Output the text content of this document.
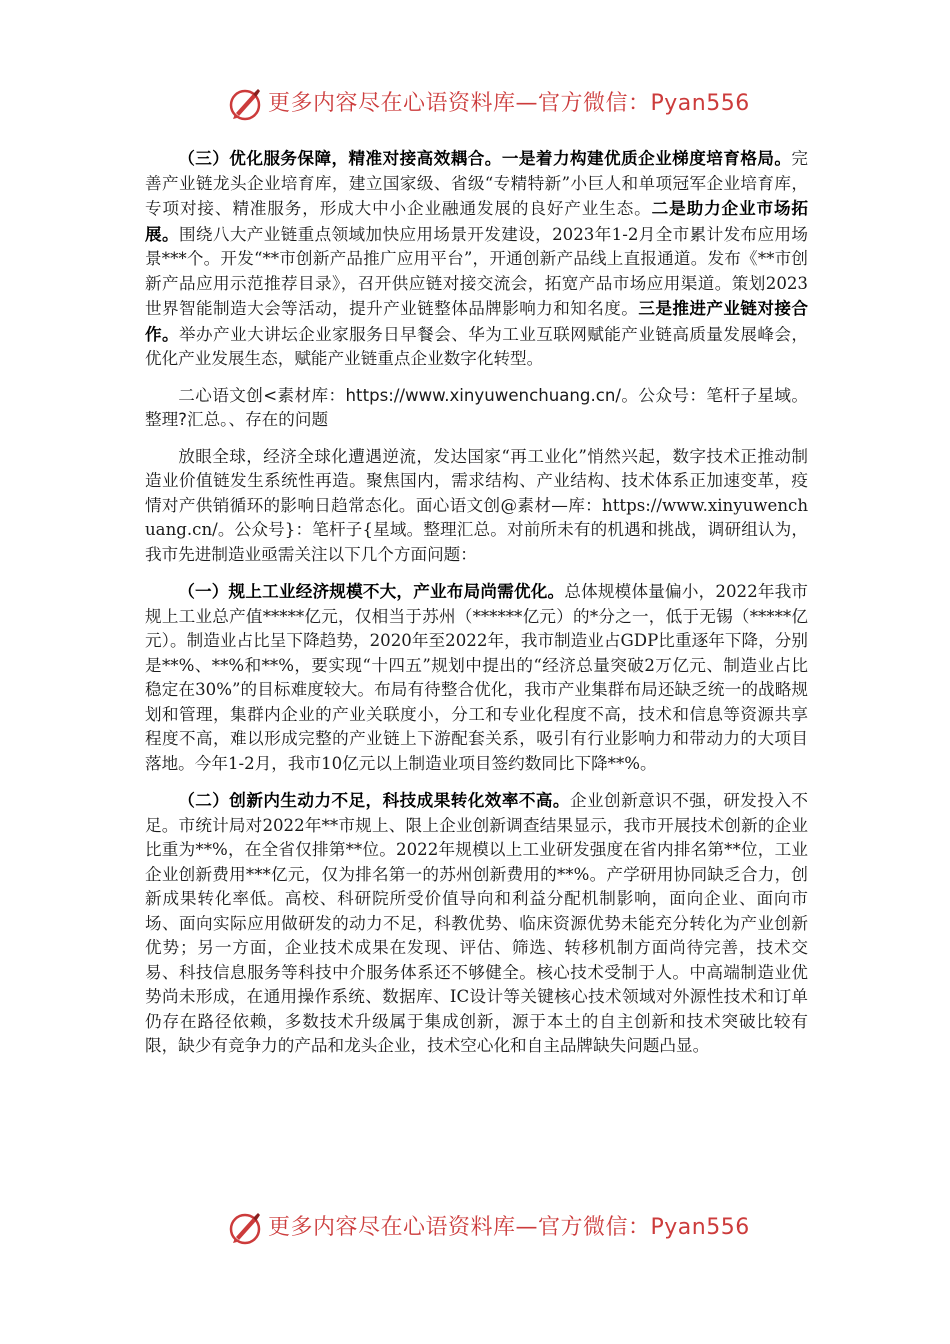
更多内容尽在心语资料库—官方微信：Pyan556

（三）优化服务保障，精准对接高效耦合。一是着力构建优质企业梯度培育格局。完善产业链龙头企业培育库，建立国家级、省级“专精特新”小巨人和单项冠军企业培育库，专项对接、精准服务，形成大中小企业融通发展的良好产业生态。二是助力企业市场拓展。围绕八大产业链重点领域加快应用场景开发建设，2023年1-2月全市累计发布应用场景***个。开发“**市创新产品推广应用平台”，开通创新产品线上直报通道。发布《**市创新产品应用示范推荐目录》，召开供应链对接交流会，拓宽产品市场应用渠道。策划2023世界智能制造大会等活动，提升产业链整体品牌影响力和知名度。三是推进产业链对接合作。举办产业大讲坛企业家服务日早餐会、华为工业互联网赋能产业链高质量发展峰会，优化产业发展生态，赋能产业链重点企业数字化转型。

二心语文创<素材库：https://www.xinyuwenchuang.cn/。公众号：笔杆子星域。整理?汇总。、存在的问题

放眼全球，经济全球化遭遇逆流，发达国家“再工业化”悄然兴起，数字技术正推动制造业价值链发生系统性再造。聚焦国内，需求结构、产业结构、技术体系正加速变革，疫情对产供销循环的影响日趋常态化。面心语文创@素材—库：https://www.xinyuwenchuang.cn/。公众号}：笔杆子{星域。整理汇总。对前所未有的机遇和挑战，调研组认为，我市先进制造业亟需关注以下几个方面问题：

（一）规上工业经济规模不大，产业布局尚需优化。总体规模体量偏小，2022年我市规上工业总产值*****亿元，仅相当于苏州（******亿元）的*分之一，低于无锡（*****亿元）。制造业占比呈下降趋势，2020年至2022年，我市制造业占GDP比重逐年下降，分别是**%、**%和**%，要实现“十四五”规划中提出的“经济总量突破2万亿元、制造业占比稳定在30%”的目标难度较大。布局有待整合优化，我市产业集群布局还缺乏统一的战略规划和管理，集群内企业的产业关联度小，分工和专业化程度不高，技术和信息等资源共享程度不高，难以形成完整的产业链上下游配套关系，吸引有行业影响力和带动力的大项目落地。今年1-2月，我市10亿元以上制造业项目签约数同比下降**%。

（二）创新内生动力不足，科技成果转化效率不高。企业创新意识不强，研发投入不足。市统计局对2022年**市规上、限上企业创新调查结果显示，我市开展技术创新的企业比重为**%，在全省仅排第**位。2022年规模以上工业研发强度在省内排名第**位，工业企业创新费用***亿元，仅为排名第一的苏州创新费用的**%。产学研用协同缺乏合力，创新成果转化率低。高校、科研院所受价值导向和利益分配机制影响，面向企业、面向市场、面向实际应用做研发的动力不足，科教优势、临床资源优势未能充分转化为产业创新优势；另一方面，企业技术成果在发现、评估、筛选、转移机制方面尚待完善，技术交易、科技信息服务等科技中介服务体系还不够健全。核心技术受制于人。中高端制造业优势尚未形成，在通用操作系统、数据库、IC设计等关键核心技术领域对外源性技术和订单仍存在路径依赖，多数技术升级属于集成创新，源于本土的自主创新和技术突破比较有限，缺少有竞争力的产品和龙头企业，技术空心化和自主品牌缺失问题凸显。

更多内容尽在心语资料库—官方微信：Pyan556
